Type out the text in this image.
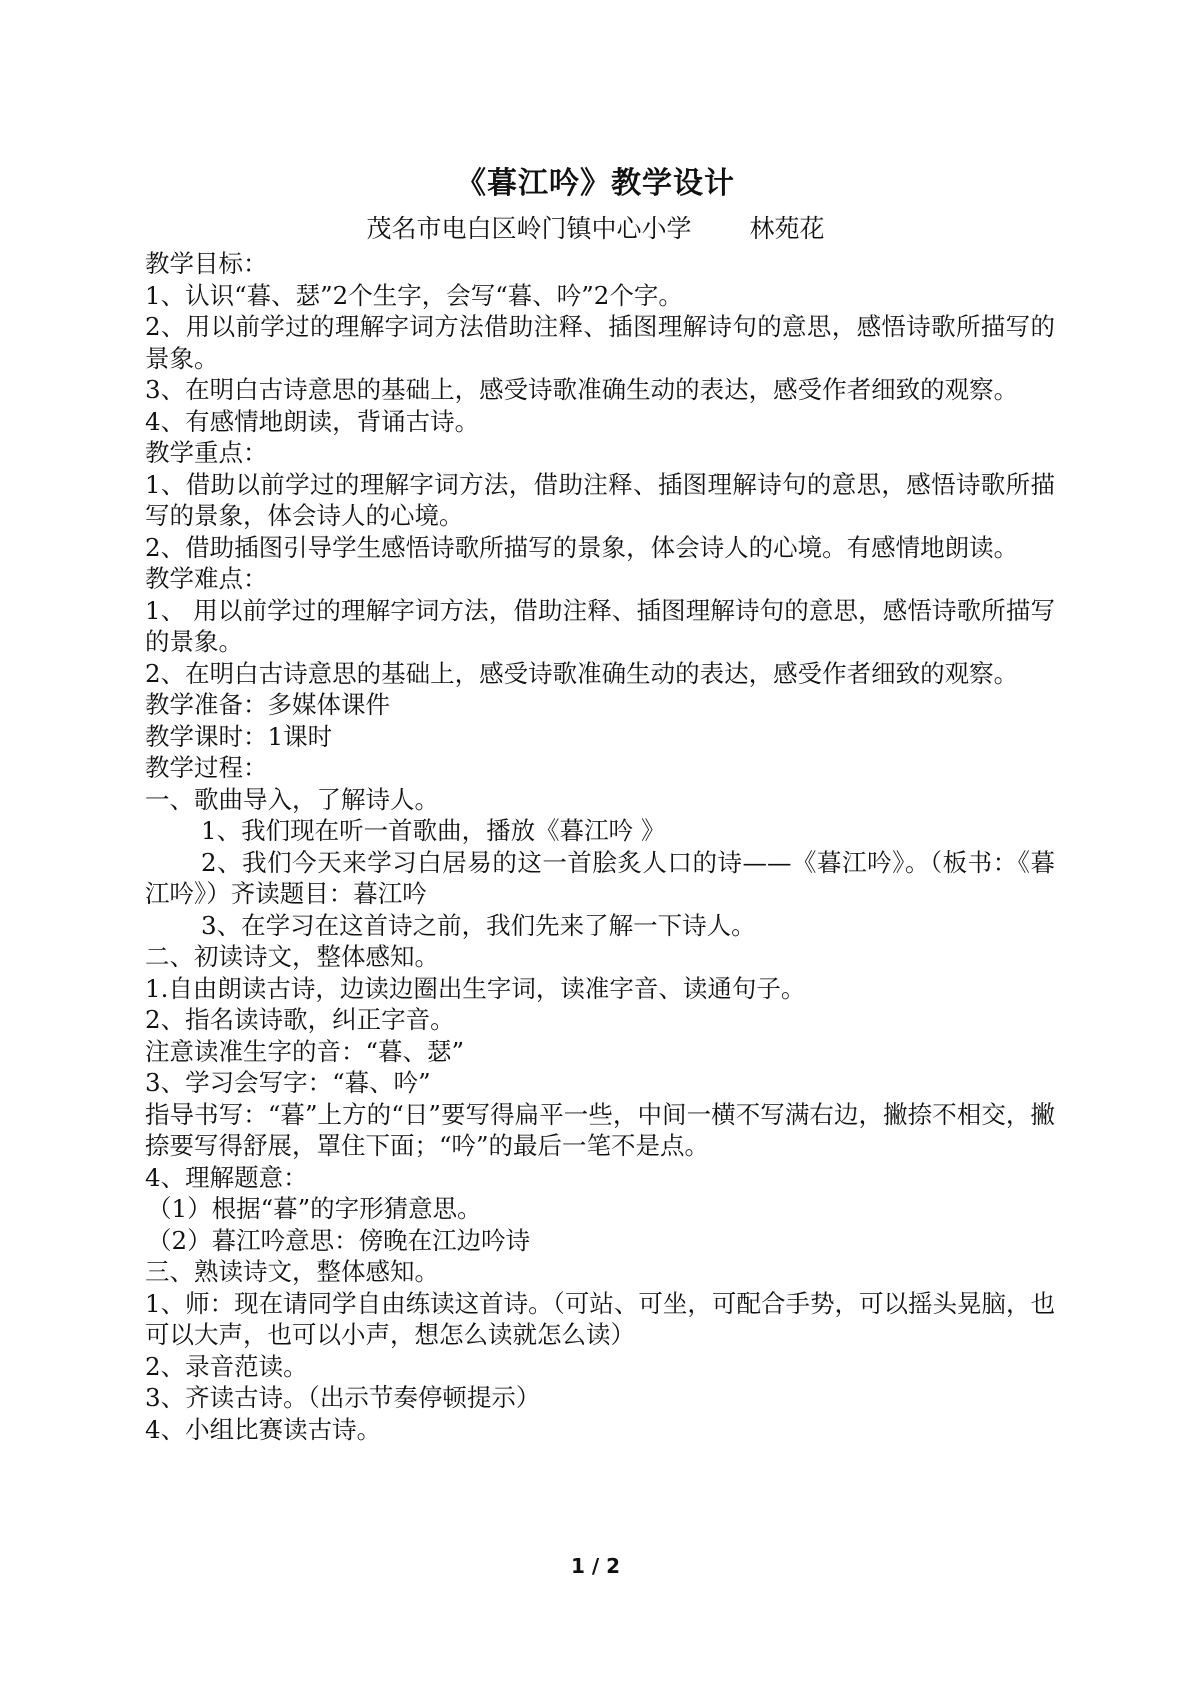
《暮江吟》教学设计
茂名市电白区岭门镇中心小学 林苑花
教学目标：
1、认识“暮、瑟”2个生字，会写“暮、吟”2个字。
2、用以前学过的理解字词方法借助注释、插图理解诗句的意思，感悟诗歌所描写的景象。
3、在明白古诗意思的基础上，感受诗歌准确生动的表达，感受作者细致的观察。
4、有感情地朗读，背诵古诗。
教学重点：
1、借助以前学过的理解字词方法，借助注释、插图理解诗句的意思，感悟诗歌所描写的景象，体会诗人的心境。
2、借助插图引导学生感悟诗歌所描写的景象，体会诗人的心境。有感情地朗读。
教学难点：
1、 用以前学过的理解字词方法，借助注释、插图理解诗句的意思，感悟诗歌所描写的景象。
2、在明白古诗意思的基础上，感受诗歌准确生动的表达，感受作者细致的观察。
教学准备：多媒体课件
教学课时：1课时
教学过程：
一、歌曲导入，了解诗人。
1、我们现在听一首歌曲，播放《暮江吟 》
2、我们今天来学习白居易的这一首脍炙人口的诗——《暮江吟》。（板书：《暮江吟》）齐读题目：暮江吟
3、在学习在这首诗之前，我们先来了解一下诗人。
二、初读诗文，整体感知。
1.自由朗读古诗，边读边圈出生字词，读准字音、读通句子。
2、指名读诗歌，纠正字音。
注意读准生字的音：“暮、瑟”
3、学习会写字：“暮、吟”
指导书写：“暮”上方的“日”要写得扁平一些，中间一横不写满右边，撇捺不相交，撇捺要写得舒展，罩住下面；“吟”的最后一笔不是点。
4、理解题意：
（1）根据“暮”的字形猜意思。
（2）暮江吟意思：傍晚在江边吟诗
三、熟读诗文，整体感知。
1、师：现在请同学自由练读这首诗。（可站、可坐，可配合手势，可以摇头晃脑，也可以大声，也可以小声，想怎么读就怎么读）
2、录音范读。
3、齐读古诗。（出示节奏停顿提示）
4、小组比赛读古诗。
1 / 2
